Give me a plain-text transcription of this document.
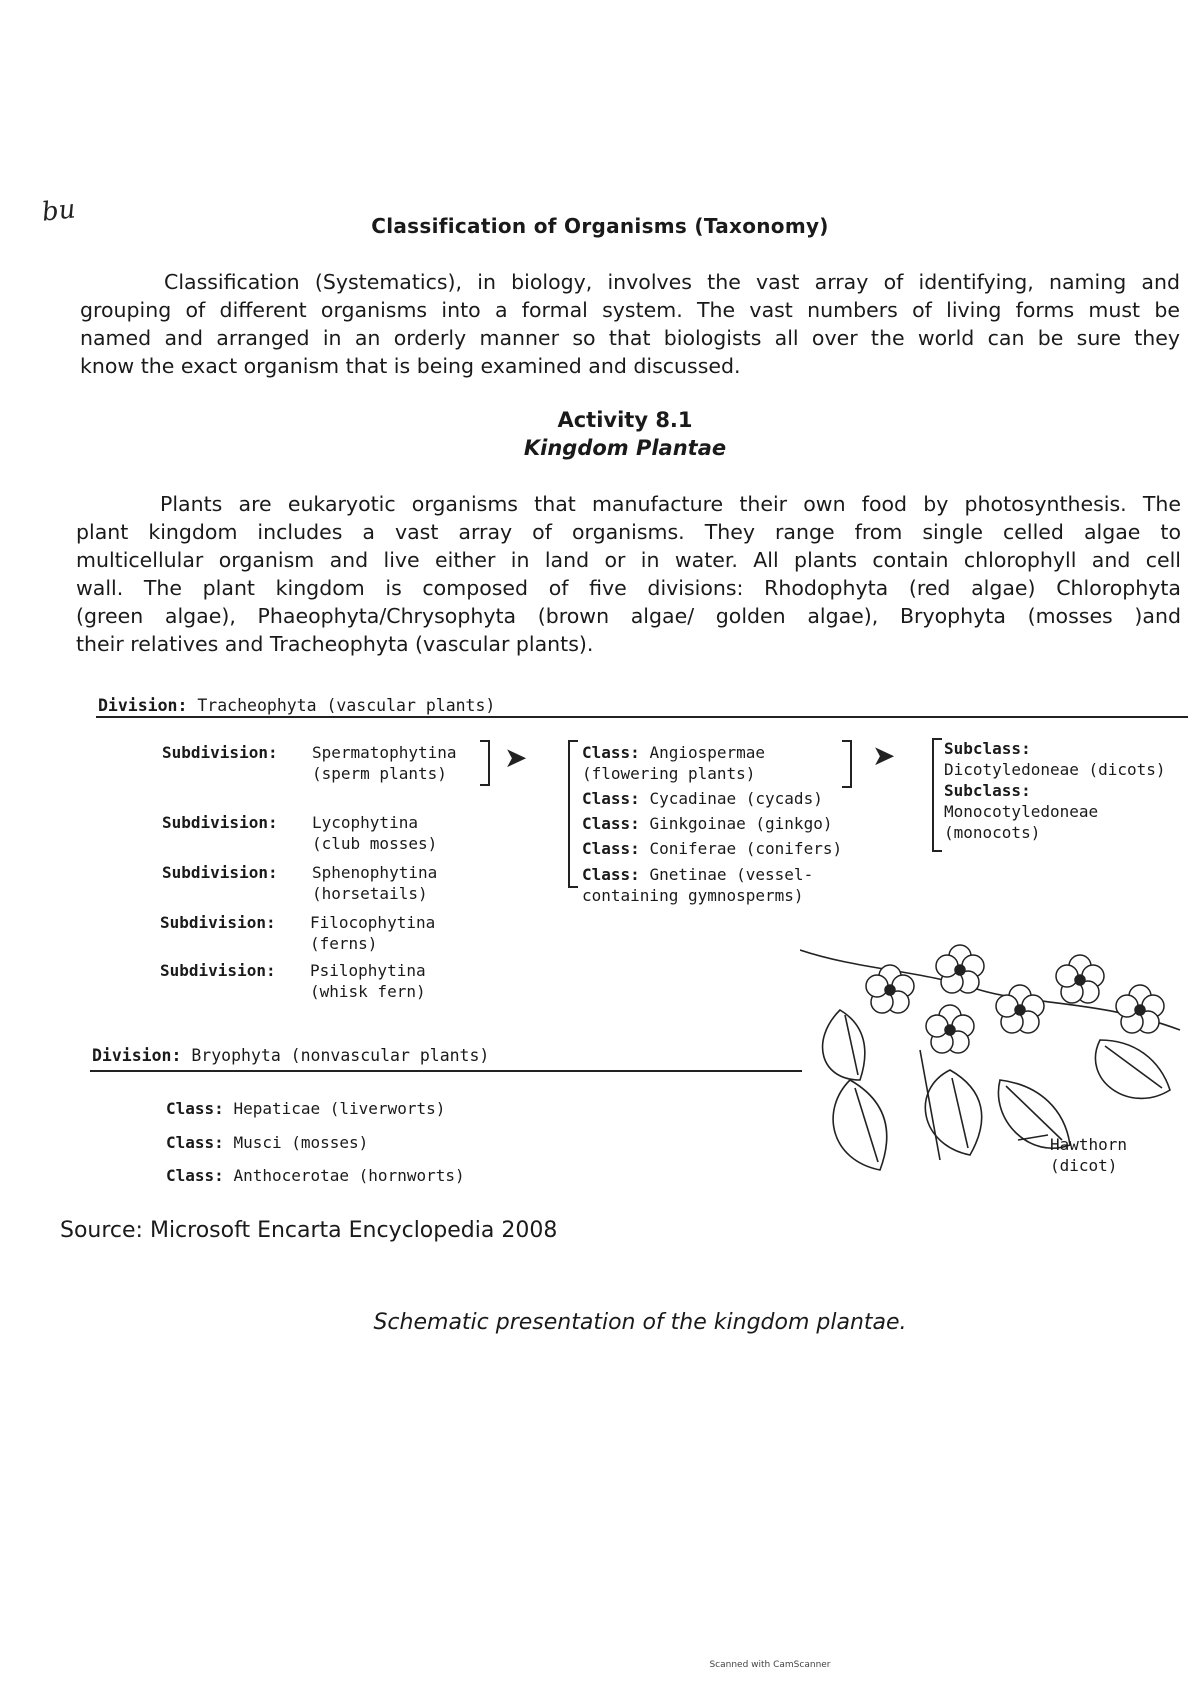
bu	Classification of Organisms (Taxonomy)
Classification (Systematics), in biology, involves the vast array of identifying, naming and
grouping of different organisms into a formal system. The vast numbers of living forms must be
named and arranged in an orderly manner so that biologists all over the world can be sure they
know the exact organism that is being examined and discussed.
Activity 8.1
Kingdom Plantae
Plants are eukaryotic organisms that manufacture their own food by photosynthesis. The
plant kingdom includes a vast array of organisms. They range from single celled algae to
multicellular organism and live either in land or in water. All plants contain chlorophyll and cell
wall. The plant kingdom is composed of five divisions: Rhodophyta (red algae) Chlorophyta
(green algae), Phaeophyta/Chrysophyta (brown algae/ golden algae), Bryophyta (mosses )and
their relatives and Tracheophyta (vascular plants).
Division: Tracheophyta (vascular plants)
Subdivision: Spermatophytina
(sperm plants)
Subdivision: Lycophytina
(club mosses)
Subdivision: Sphenophytina
(horsetails)
Subdivision: Filocophytina
(ferns)
Subdivision: Psilophytina
(whisk fern)
➤	Class: Angiospermae
(flowering plants)
Class: Cycadinae (cycads)
Class: Ginkgoinae (ginkgo)
Class: Coniferae (conifers)
Class: Gnetinae (vessel-
containing gymnosperms)
➤	Subclass:
Dicotyledoneae (dicots)
Subclass:
Monocotyledoneae
(monocots)
Division: Bryophyta (nonvascular plants)
Class: Hepaticae (liverworts)
Class: Musci (mosses)
Class: Anthocerotae (hornworts)
Hawthorn
(dicot)
Source: Microsoft Encarta Encyclopedia 2008
Schematic presentation of the kingdom plantae.
Scanned with CamScanner
